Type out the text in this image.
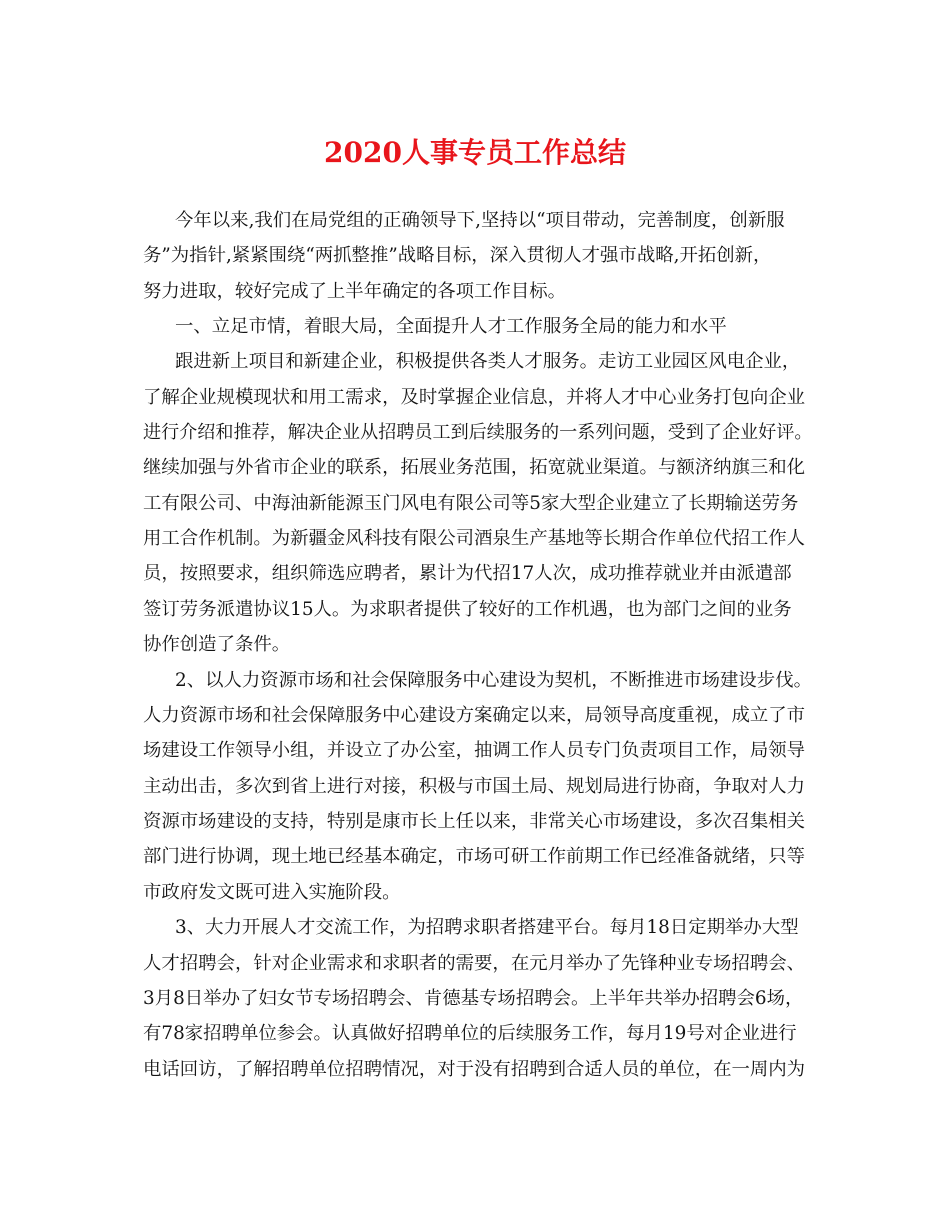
2020人事专员工作总结

今年以来,我们在局党组的正确领导下,坚持以“项目带动，完善制度，创新服

务”为指针,紧紧围绕“两抓整推”战略目标，深入贯彻人才强市战略,开拓创新，

努力进取，较好完成了上半年确定的各项工作目标。

一、立足市情，着眼大局，全面提升人才工作服务全局的能力和水平

跟进新上项目和新建企业，积极提供各类人才服务。走访工业园区风电企业，

了解企业规模现状和用工需求，及时掌握企业信息，并将人才中心业务打包向企业

进行介绍和推荐，解决企业从招聘员工到后续服务的一系列问题，受到了企业好评。

继续加强与外省市企业的联系，拓展业务范围，拓宽就业渠道。与额济纳旗三和化

工有限公司、中海油新能源玉门风电有限公司等5家大型企业建立了长期输送劳务

用工合作机制。为新疆金风科技有限公司酒泉生产基地等长期合作单位代招工作人

员，按照要求，组织筛选应聘者，累计为代招17人次，成功推荐就业并由派遣部

签订劳务派遣协议15人。为求职者提供了较好的工作机遇，也为部门之间的业务

协作创造了条件。

2、以人力资源市场和社会保障服务中心建设为契机，不断推进市场建设步伐。

人力资源市场和社会保障服务中心建设方案确定以来，局领导高度重视，成立了市

场建设工作领导小组，并设立了办公室，抽调工作人员专门负责项目工作，局领导

主动出击，多次到省上进行对接，积极与市国土局、规划局进行协商，争取对人力

资源市场建设的支持，特别是康市长上任以来，非常关心市场建设，多次召集相关

部门进行协调，现土地已经基本确定，市场可研工作前期工作已经准备就绪，只等

市政府发文既可进入实施阶段。

3、大力开展人才交流工作，为招聘求职者搭建平台。每月18日定期举办大型

人才招聘会，针对企业需求和求职者的需要，在元月举办了先锋种业专场招聘会、

3月8日举办了妇女节专场招聘会、肯德基专场招聘会。上半年共举办招聘会6场，

有78家招聘单位参会。认真做好招聘单位的后续服务工作，每月19号对企业进行

电话回访，了解招聘单位招聘情况，对于没有招聘到合适人员的单位，在一周内为
